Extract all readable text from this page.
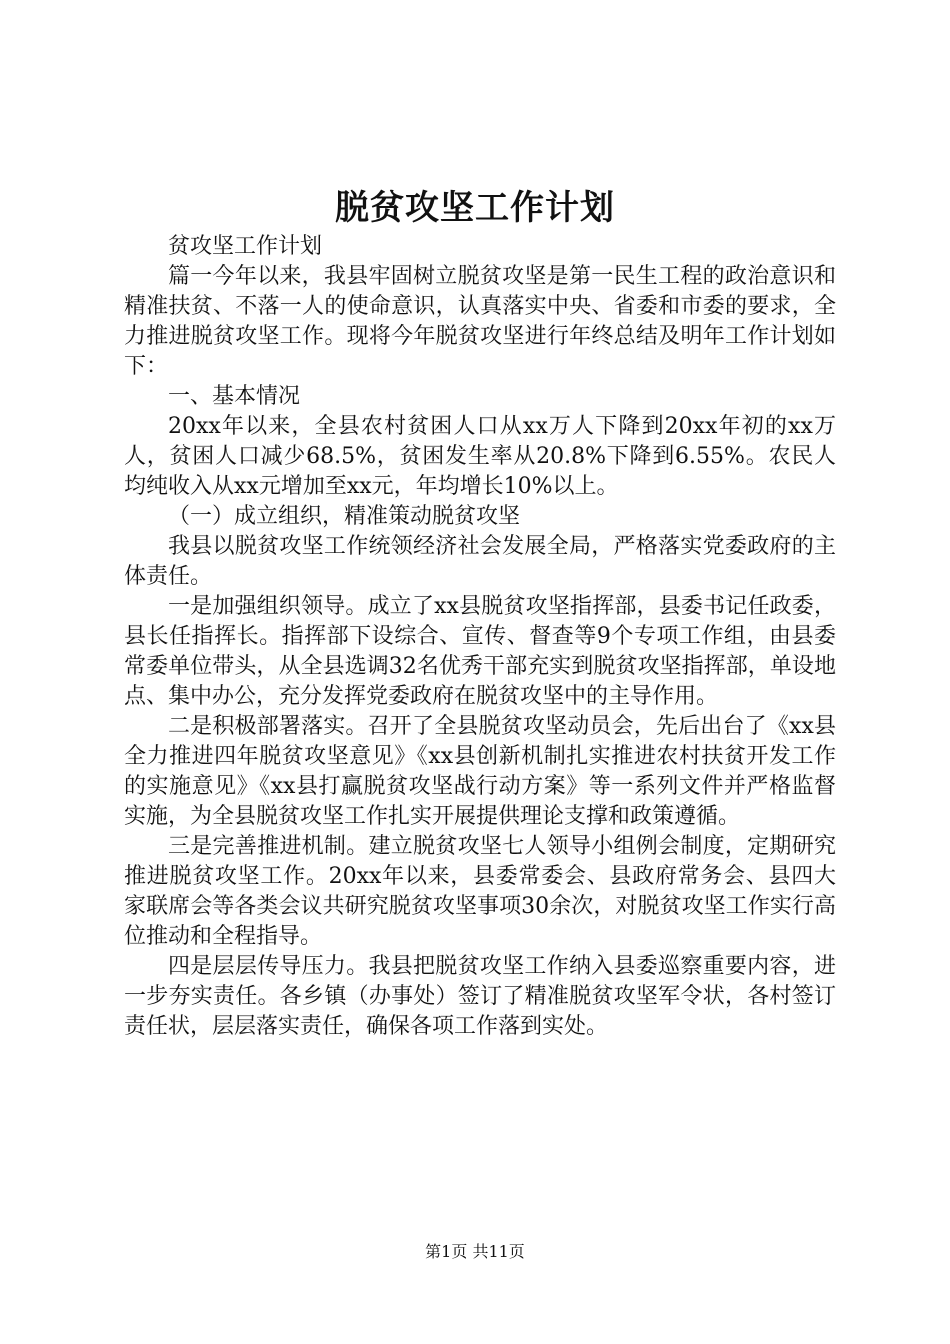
脱贫攻坚工作计划

贫攻坚工作计划

篇一今年以来，我县牢固树立脱贫攻坚是第一民生工程的政治意识和精准扶贫、不落一人的使命意识，认真落实中央、省委和市委的要求，全力推进脱贫攻坚工作。现将今年脱贫攻坚进行年终总结及明年工作计划如下：

一、基本情况

20xx年以来，全县农村贫困人口从xx万人下降到20xx年初的xx万人，贫困人口减少68.5%，贫困发生率从20.8%下降到6.55%。农民人均纯收入从xx元增加至xx元，年均增长10%以上。

（一）成立组织，精准策动脱贫攻坚

我县以脱贫攻坚工作统领经济社会发展全局，严格落实党委政府的主体责任。

一是加强组织领导。成立了xx县脱贫攻坚指挥部，县委书记任政委，县长任指挥长。指挥部下设综合、宣传、督查等9个专项工作组，由县委常委单位带头，从全县选调32名优秀干部充实到脱贫攻坚指挥部，单设地点、集中办公，充分发挥党委政府在脱贫攻坚中的主导作用。

二是积极部署落实。召开了全县脱贫攻坚动员会，先后出台了《xx县全力推进四年脱贫攻坚意见》《xx县创新机制扎实推进农村扶贫开发工作的实施意见》《xx县打赢脱贫攻坚战行动方案》等一系列文件并严格监督实施，为全县脱贫攻坚工作扎实开展提供理论支撑和政策遵循。

三是完善推进机制。建立脱贫攻坚七人领导小组例会制度，定期研究推进脱贫攻坚工作。20xx年以来，县委常委会、县政府常务会、县四大家联席会等各类会议共研究脱贫攻坚事项30余次，对脱贫攻坚工作实行高位推动和全程指导。

四是层层传导压力。我县把脱贫攻坚工作纳入县委巡察重要内容，进一步夯实责任。各乡镇（办事处）签订了精准脱贫攻坚军令状，各村签订责任状，层层落实责任，确保各项工作落到实处。

第1页 共11页
